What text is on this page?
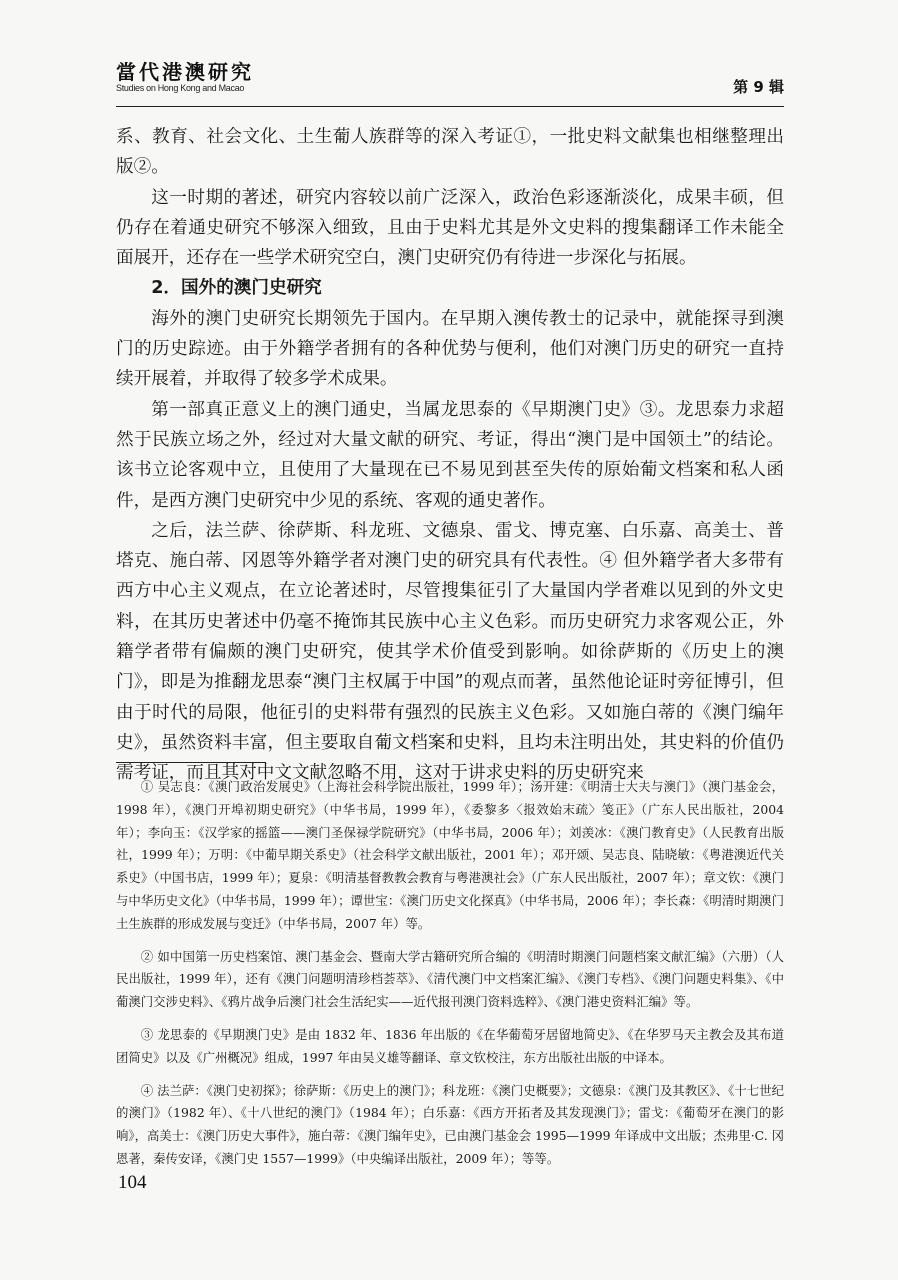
當代港澳研究
Studies on Hong Kong and Macao	第 9 辑

系、教育、社会文化、土生葡人族群等的深入考证①，一批史料文献集也相继整理出版②。

这一时期的著述，研究内容较以前广泛深入，政治色彩逐渐淡化，成果丰硕，但仍存在着通史研究不够深入细致，且由于史料尤其是外文史料的搜集翻译工作未能全面展开，还存在一些学术研究空白，澳门史研究仍有待进一步深化与拓展。

2．国外的澳门史研究

海外的澳门史研究长期领先于国内。在早期入澳传教士的记录中，就能探寻到澳门的历史踪迹。由于外籍学者拥有的各种优势与便利，他们对澳门历史的研究一直持续开展着，并取得了较多学术成果。

第一部真正意义上的澳门通史，当属龙思泰的《早期澳门史》③。龙思泰力求超然于民族立场之外，经过对大量文献的研究、考证，得出“澳门是中国领土”的结论。该书立论客观中立，且使用了大量现在已不易见到甚至失传的原始葡文档案和私人函件，是西方澳门史研究中少见的系统、客观的通史著作。

之后，法兰萨、徐萨斯、科龙班、文德泉、雷戈、博克塞、白乐嘉、高美士、普塔克、施白蒂、冈恩等外籍学者对澳门史的研究具有代表性。④ 但外籍学者大多带有西方中心主义观点，在立论著述时，尽管搜集征引了大量国内学者难以见到的外文史料，在其历史著述中仍毫不掩饰其民族中心主义色彩。而历史研究力求客观公正，外籍学者带有偏颇的澳门史研究，使其学术价值受到影响。如徐萨斯的《历史上的澳门》，即是为推翻龙思泰“澳门主权属于中国”的观点而著，虽然他论证时旁征博引，但由于时代的局限，他征引的史料带有强烈的民族主义色彩。又如施白蒂的《澳门编年史》，虽然资料丰富，但主要取自葡文档案和史料，且均未注明出处，其史料的价值仍需考证，而且其对中文文献忽略不用，这对于讲求史料的历史研究来

① 吴志良：《澳门政治发展史》（上海社会科学院出版社，1999 年）；汤开建：《明清士大夫与澳门》（澳门基金会，1998 年），《澳门开埠初期史研究》（中华书局，1999 年），《委黎多〈报效始末疏〉笺正》（广东人民出版社，2004 年）；李向玉：《汉学家的摇篮——澳门圣保禄学院研究》（中华书局，2006 年）；刘羡冰：《澳门教育史》（人民教育出版社，1999 年）；万明：《中葡早期关系史》（社会科学文献出版社，2001 年）；邓开颂、吴志良、陆晓敏：《粤港澳近代关系史》（中国书店，1999 年）；夏泉：《明清基督教教会教育与粤港澳社会》（广东人民出版社，2007 年）；章文钦：《澳门与中华历史文化》（中华书局，1999 年）；谭世宝：《澳门历史文化探真》（中华书局，2006 年）；李长森：《明清时期澳门土生族群的形成发展与变迁》（中华书局，2007 年）等。

② 如中国第一历史档案馆、澳门基金会、暨南大学古籍研究所合编的《明清时期澳门问题档案文献汇编》（六册）（人民出版社，1999 年），还有《澳门问题明清珍档荟萃》、《清代澳门中文档案汇编》、《澳门专档》、《澳门问题史料集》、《中葡澳门交涉史料》、《鸦片战争后澳门社会生活纪实——近代报刊澳门资料选粹》、《澳门港史资料汇编》等。

③ 龙思泰的《早期澳门史》是由 1832 年、1836 年出版的《在华葡萄牙居留地简史》、《在华罗马天主教会及其布道团简史》以及《广州概况》组成，1997 年由吴义雄等翻译、章文钦校注，东方出版社出版的中译本。

④ 法兰萨：《澳门史初探》；徐萨斯：《历史上的澳门》；科龙班：《澳门史概要》；文德泉：《澳门及其教区》、《十七世纪的澳门》（1982 年）、《十八世纪的澳门》（1984 年）；白乐嘉：《西方开拓者及其发现澳门》；雷戈：《葡萄牙在澳门的影响》，高美士：《澳门历史大事件》，施白蒂：《澳门编年史》，已由澳门基金会 1995—1999 年译成中文出版；杰弗里·C. 冈恩著，秦传安译，《澳门史 1557—1999》（中央编译出版社，2009 年）；等等。

104
